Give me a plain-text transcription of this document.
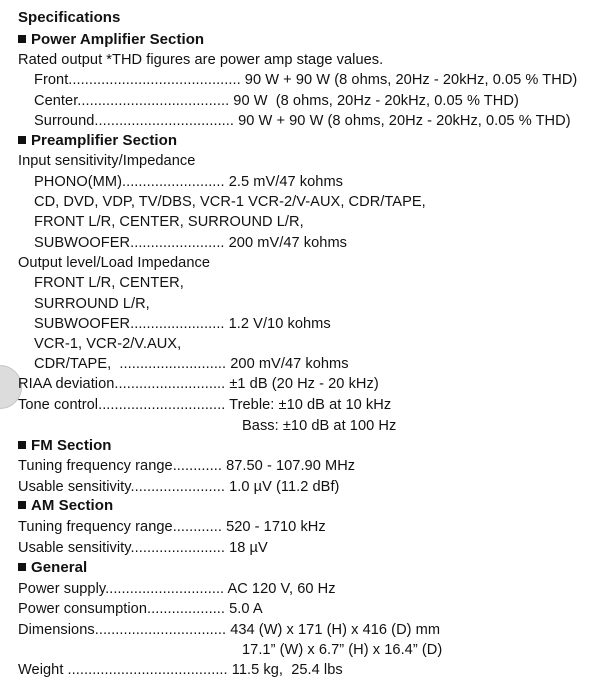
Specifications
Power Amplifier Section
Rated output *THD figures are power amp stage values.
Front.......................................... 90 W + 90 W (8 ohms, 20Hz - 20kHz, 0.05 % THD)
Center..................................... 90 W  (8 ohms, 20Hz - 20kHz, 0.05 % THD)
Surround.................................. 90 W + 90 W (8 ohms, 20Hz - 20kHz, 0.05 % THD)
Preamplifier Section
Input sensitivity/Impedance
PHONO(MM)......................... 2.5 mV/47 kohms
CD, DVD, VDP, TV/DBS, VCR-1 VCR-2/V-AUX, CDR/TAPE,
FRONT L/R, CENTER, SURROUND L/R,
SUBWOOFER....................... 200 mV/47 kohms
Output level/Load Impedance
FRONT L/R, CENTER,
SURROUND L/R,
SUBWOOFER....................... 1.2 V/10 kohms
VCR-1, VCR-2/V.AUX,
CDR/TAPE,  .......................... 200 mV/47 kohms
RIAA deviation........................... ±1 dB (20 Hz - 20 kHz)
Tone control............................... Treble: ±10 dB at 10 kHz
Bass: ±10 dB at 100 Hz
FM Section
Tuning frequency range............ 87.50 - 107.90 MHz
Usable sensitivity....................... 1.0 µV (11.2 dBf)
AM Section
Tuning frequency range............ 520 - 1710 kHz
Usable sensitivity....................... 18 µV
General
Power supply............................. AC 120 V, 60 Hz
Power consumption................... 5.0 A
Dimensions................................ 434 (W) x 171 (H) x 416 (D) mm
17.1” (W) x 6.7” (H) x 16.4” (D)
Weight ....................................... 11.5 kg,  25.4 lbs
